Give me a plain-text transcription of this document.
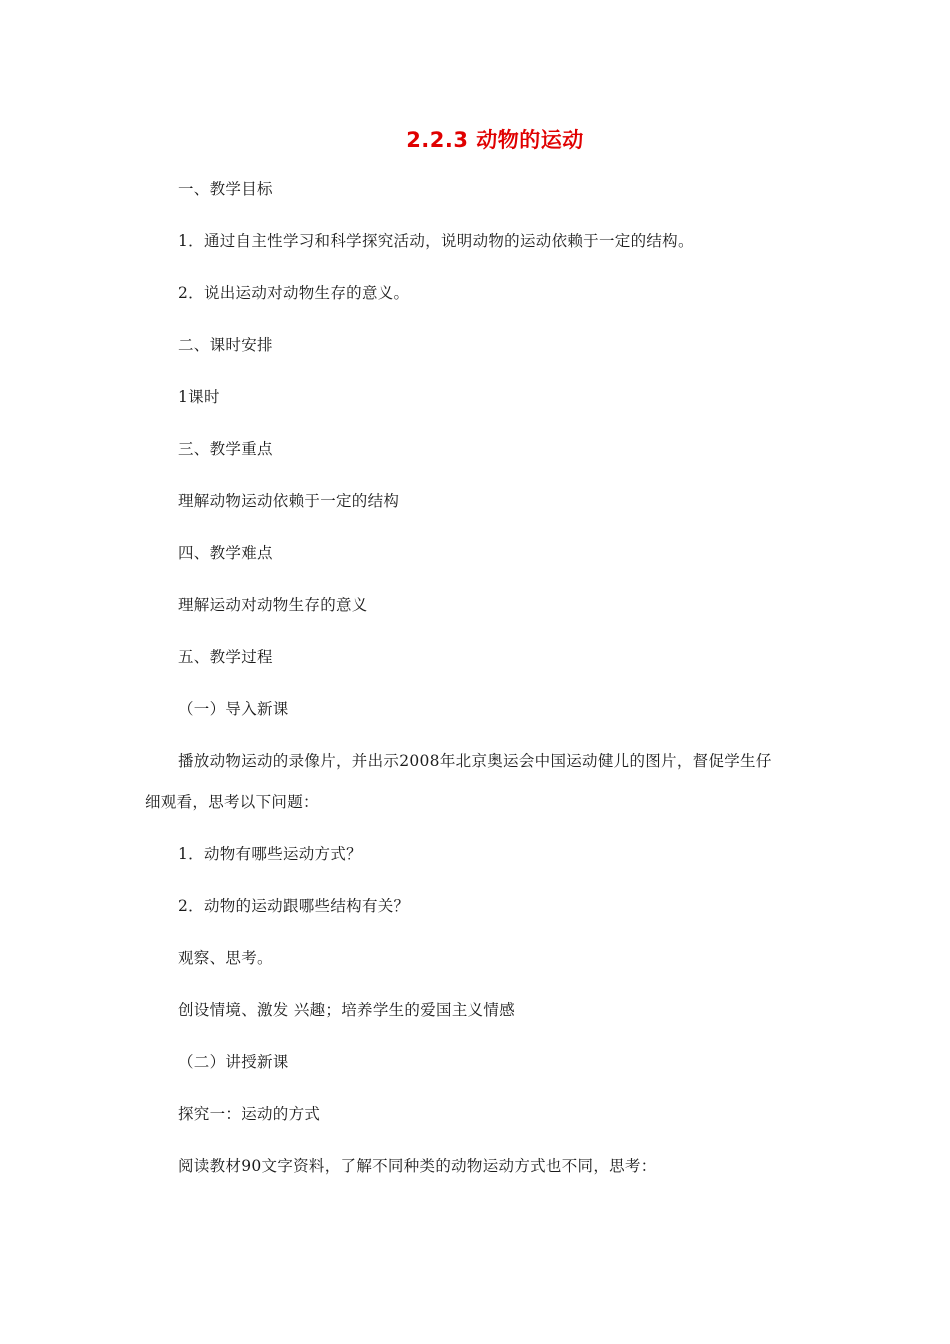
2.2.3 动物的运动
一、教学目标
1．通过自主性学习和科学探究活动，说明动物的运动依赖于一定的结构。
2．说出运动对动物生存的意义。
二、课时安排
1课时
三、教学重点
理解动物运动依赖于一定的结构
四、教学难点
理解运动对动物生存的意义
五、教学过程
（一）导入新课
播放动物运动的录像片，并出示2008年北京奥运会中国运动健儿的图片，督促学生仔
细观看，思考以下问题：
1．动物有哪些运动方式？
2．动物的运动跟哪些结构有关？
观察、思考。
创设情境、激发 兴趣；培养学生的爱国主义情感
（二）讲授新课
探究一：运动的方式
阅读教材90文字资料，了解不同种类的动物运动方式也不同，思考：
